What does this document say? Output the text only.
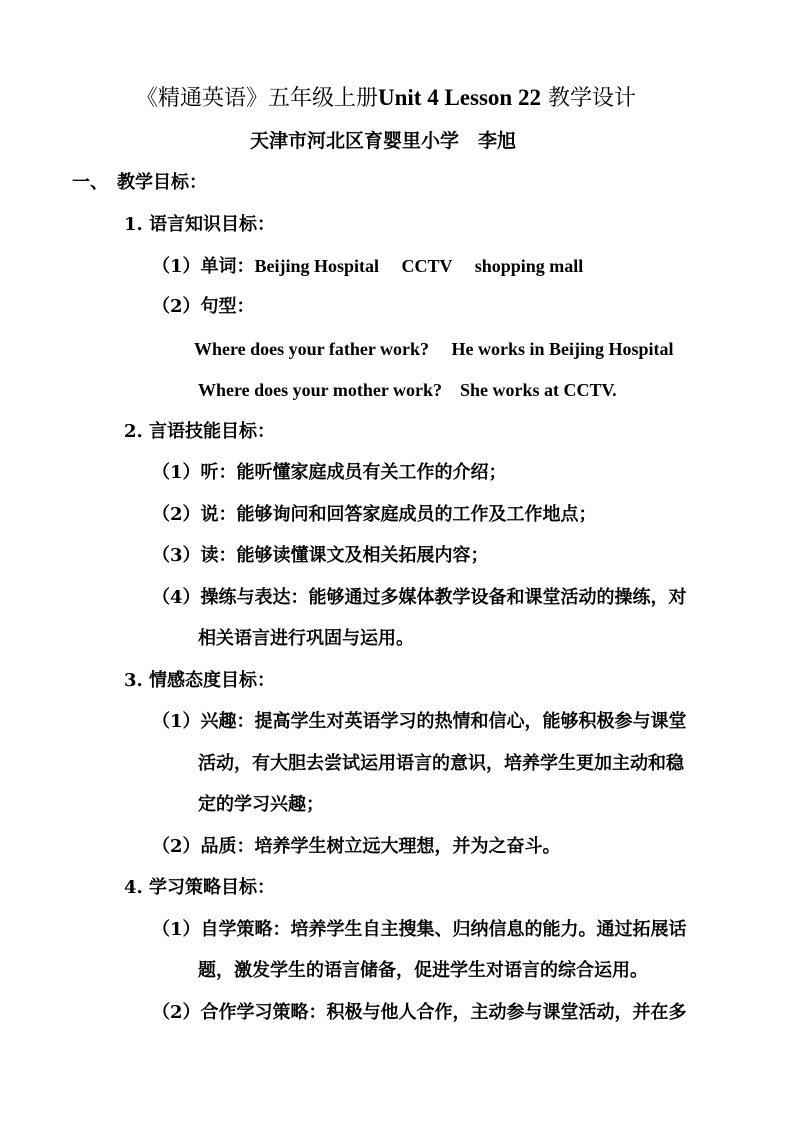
《精通英语》五年级上册Unit 4 Lesson 22 教学设计
天津市河北区育婴里小学　李旭
一、　教学目标：
1. 语言知识目标：
（1）单词：Beijing Hospital　 CCTV　 shopping mall
（2）句型：
Where does your father work?　 He works in Beijing Hospital
Where does your mother work?　She works at CCTV.
2. 言语技能目标：
（1）听：能听懂家庭成员有关工作的介绍；
（2）说：能够询问和回答家庭成员的工作及工作地点；
（3）读：能够读懂课文及相关拓展内容；
（4）操练与表达：能够通过多媒体教学设备和课堂活动的操练，对
相关语言进行巩固与运用。
3. 情感态度目标：
（1）兴趣：提高学生对英语学习的热情和信心，能够积极参与课堂
活动，有大胆去尝试运用语言的意识，培养学生更加主动和稳
定的学习兴趣；
（2）品质：培养学生树立远大理想，并为之奋斗。
4. 学习策略目标：
（1）自学策略：培养学生自主搜集、归纳信息的能力。通过拓展话
题，激发学生的语言储备，促进学生对语言的综合运用。
（2）合作学习策略：积极与他人合作，主动参与课堂活动，并在多
